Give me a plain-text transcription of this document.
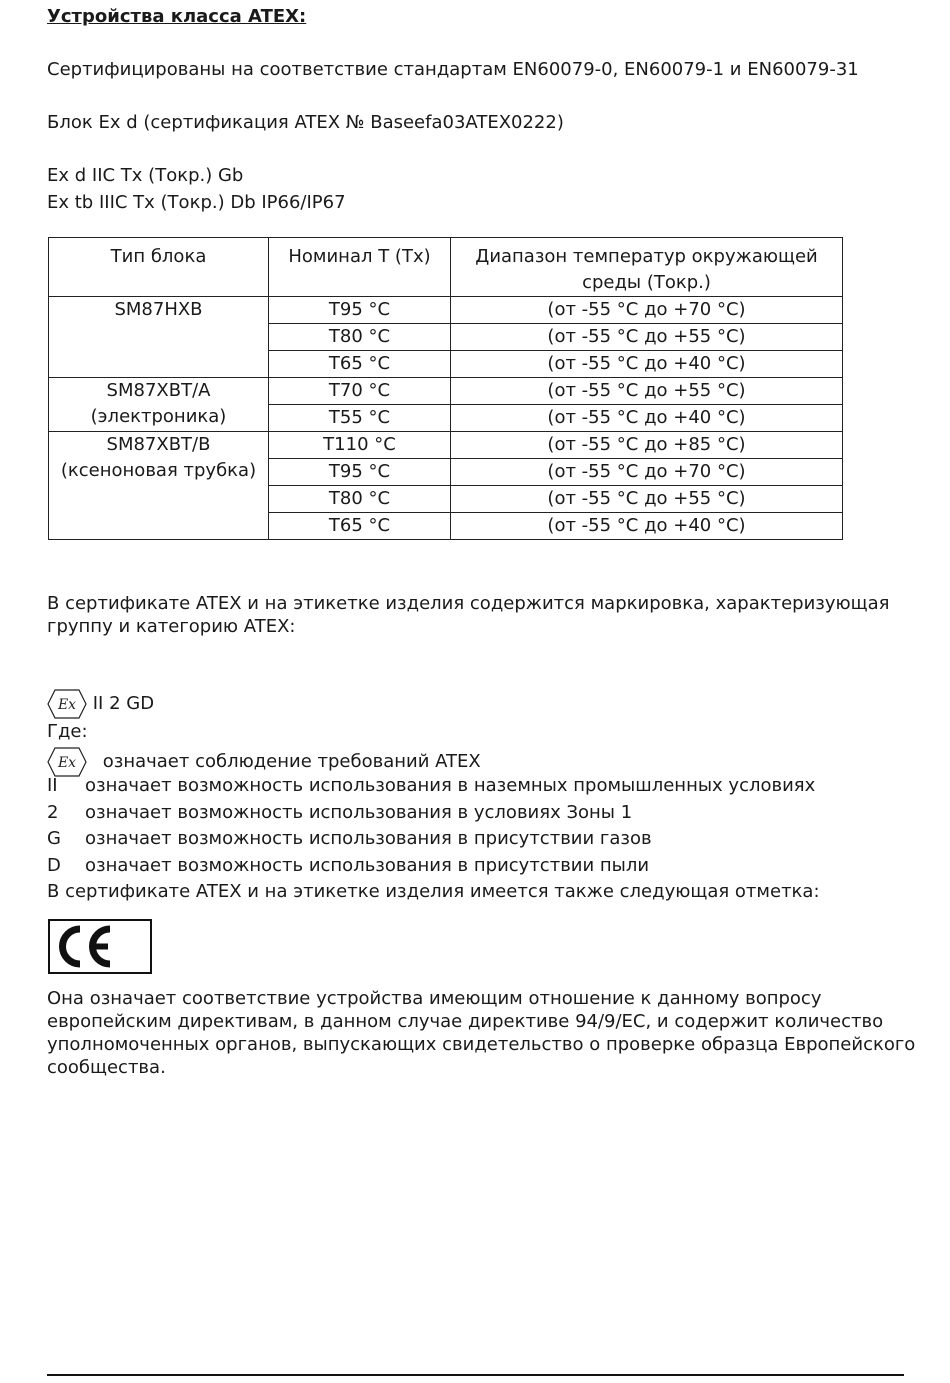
Устройства класса ATEX:
Сертифицированы на соответствие стандартам EN60079-0, EN60079-1 и EN60079-31
Блок Ex d (сертификация ATEX № Baseefa03ATEX0222)
Ex d IIC Tx (Tокр.) Gb
Ex tb IIIC Tx (Tокр.) Db IP66/IP67
Тип блока	Номинал T (Tx)	Диапазон температур окружающей среды (Tокр.)

SM87HXB	T95 °C	(от -55 °C до +70 °C)
	T80 °C	(от -55 °C до +55 °C)
	T65 °C	(от -55 °C до +40 °C)

SM87XBT/A
(электроника)	T70 °C	(от -55 °C до +55 °C)
	T55 °C	(от -55 °C до +40 °C)

SM87XBT/B
(ксеноновая трубка)	T110 °C	(от -55 °C до +85 °C)
	T95 °C	(от -55 °C до +70 °C)
	T80 °C	(от -55 °C до +55 °C)
	T65 °C	(от -55 °C до +40 °C)
В сертификате ATEX и на этикетке изделия содержится маркировка, характеризующая группу и категорию ATEX:
Ex II 2 GD
Где:
Ex означает соблюдение требований ATEX
II означает возможность использования в наземных промышленных условиях
2 означает возможность использования в условиях Зоны 1
G означает возможность использования в присутствии газов
D означает возможность использования в присутствии пыли
В сертификате ATEX и на этикетке изделия имеется также следующая отметка:
Она означает соответствие устройства имеющим отношение к данному вопросу европейским директивам, в данном случае директиве 94/9/EC, и содержит количество уполномоченных органов, выпускающих свидетельство о проверке образца Европейского сообщества.
